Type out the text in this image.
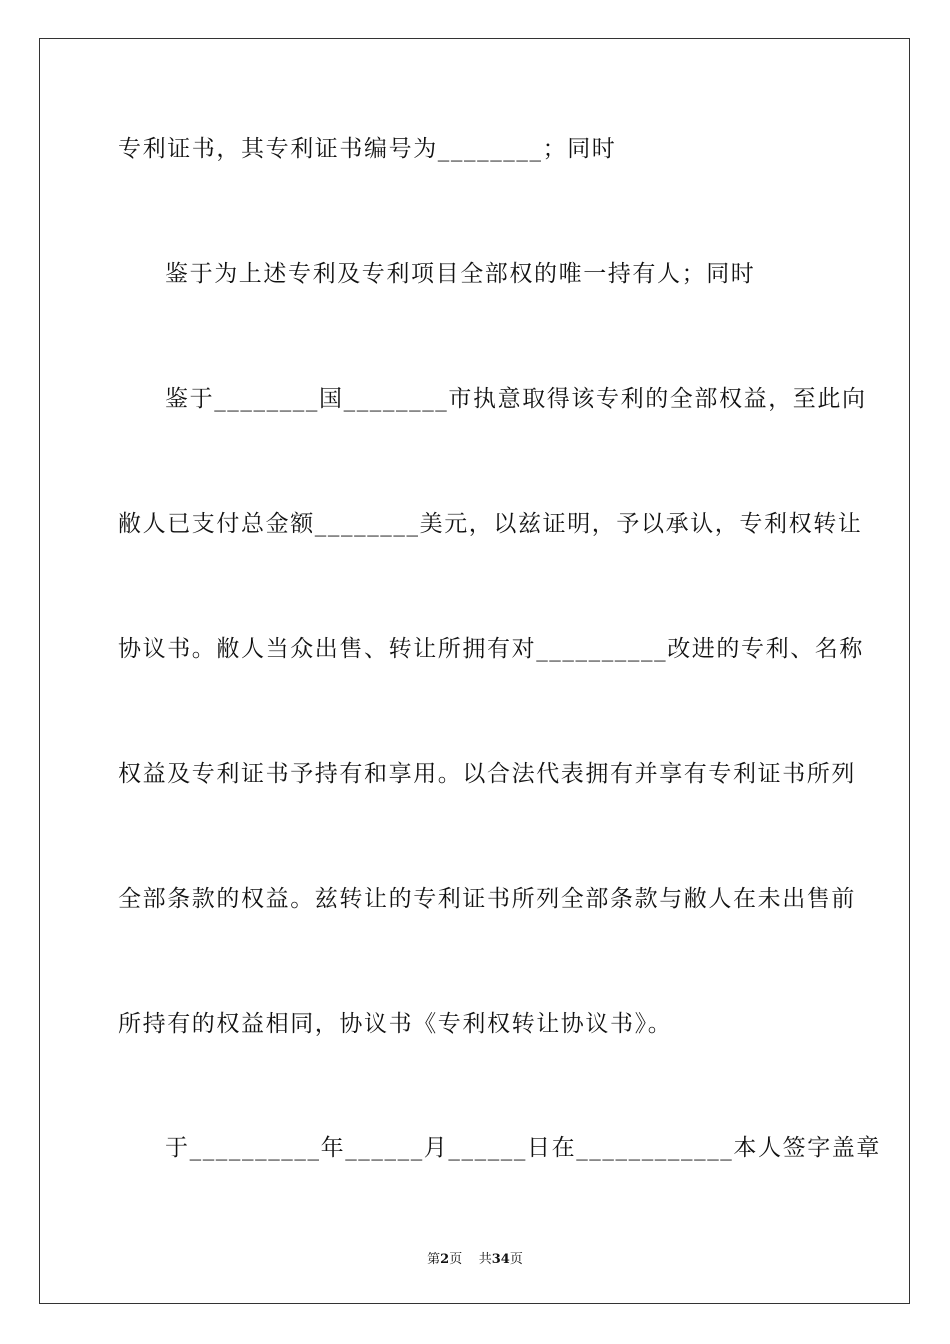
专利证书，其专利证书编号为________；同时
鉴于为上述专利及专利项目全部权的唯一持有人；同时
鉴于________国________市执意取得该专利的全部权益，至此向
敝人已支付总金额________美元，以兹证明，予以承认，专利权转让
协议书。敝人当众出售、转让所拥有对__________改进的专利、名称
权益及专利证书予持有和享用。以合法代表拥有并享有专利证书所列
全部条款的权益。兹转让的专利证书所列全部条款与敝人在未出售前
所持有的权益相同，协议书《专利权转让协议书》。
于__________年______月______日在____________本人签字盖章
第2页 共34页
